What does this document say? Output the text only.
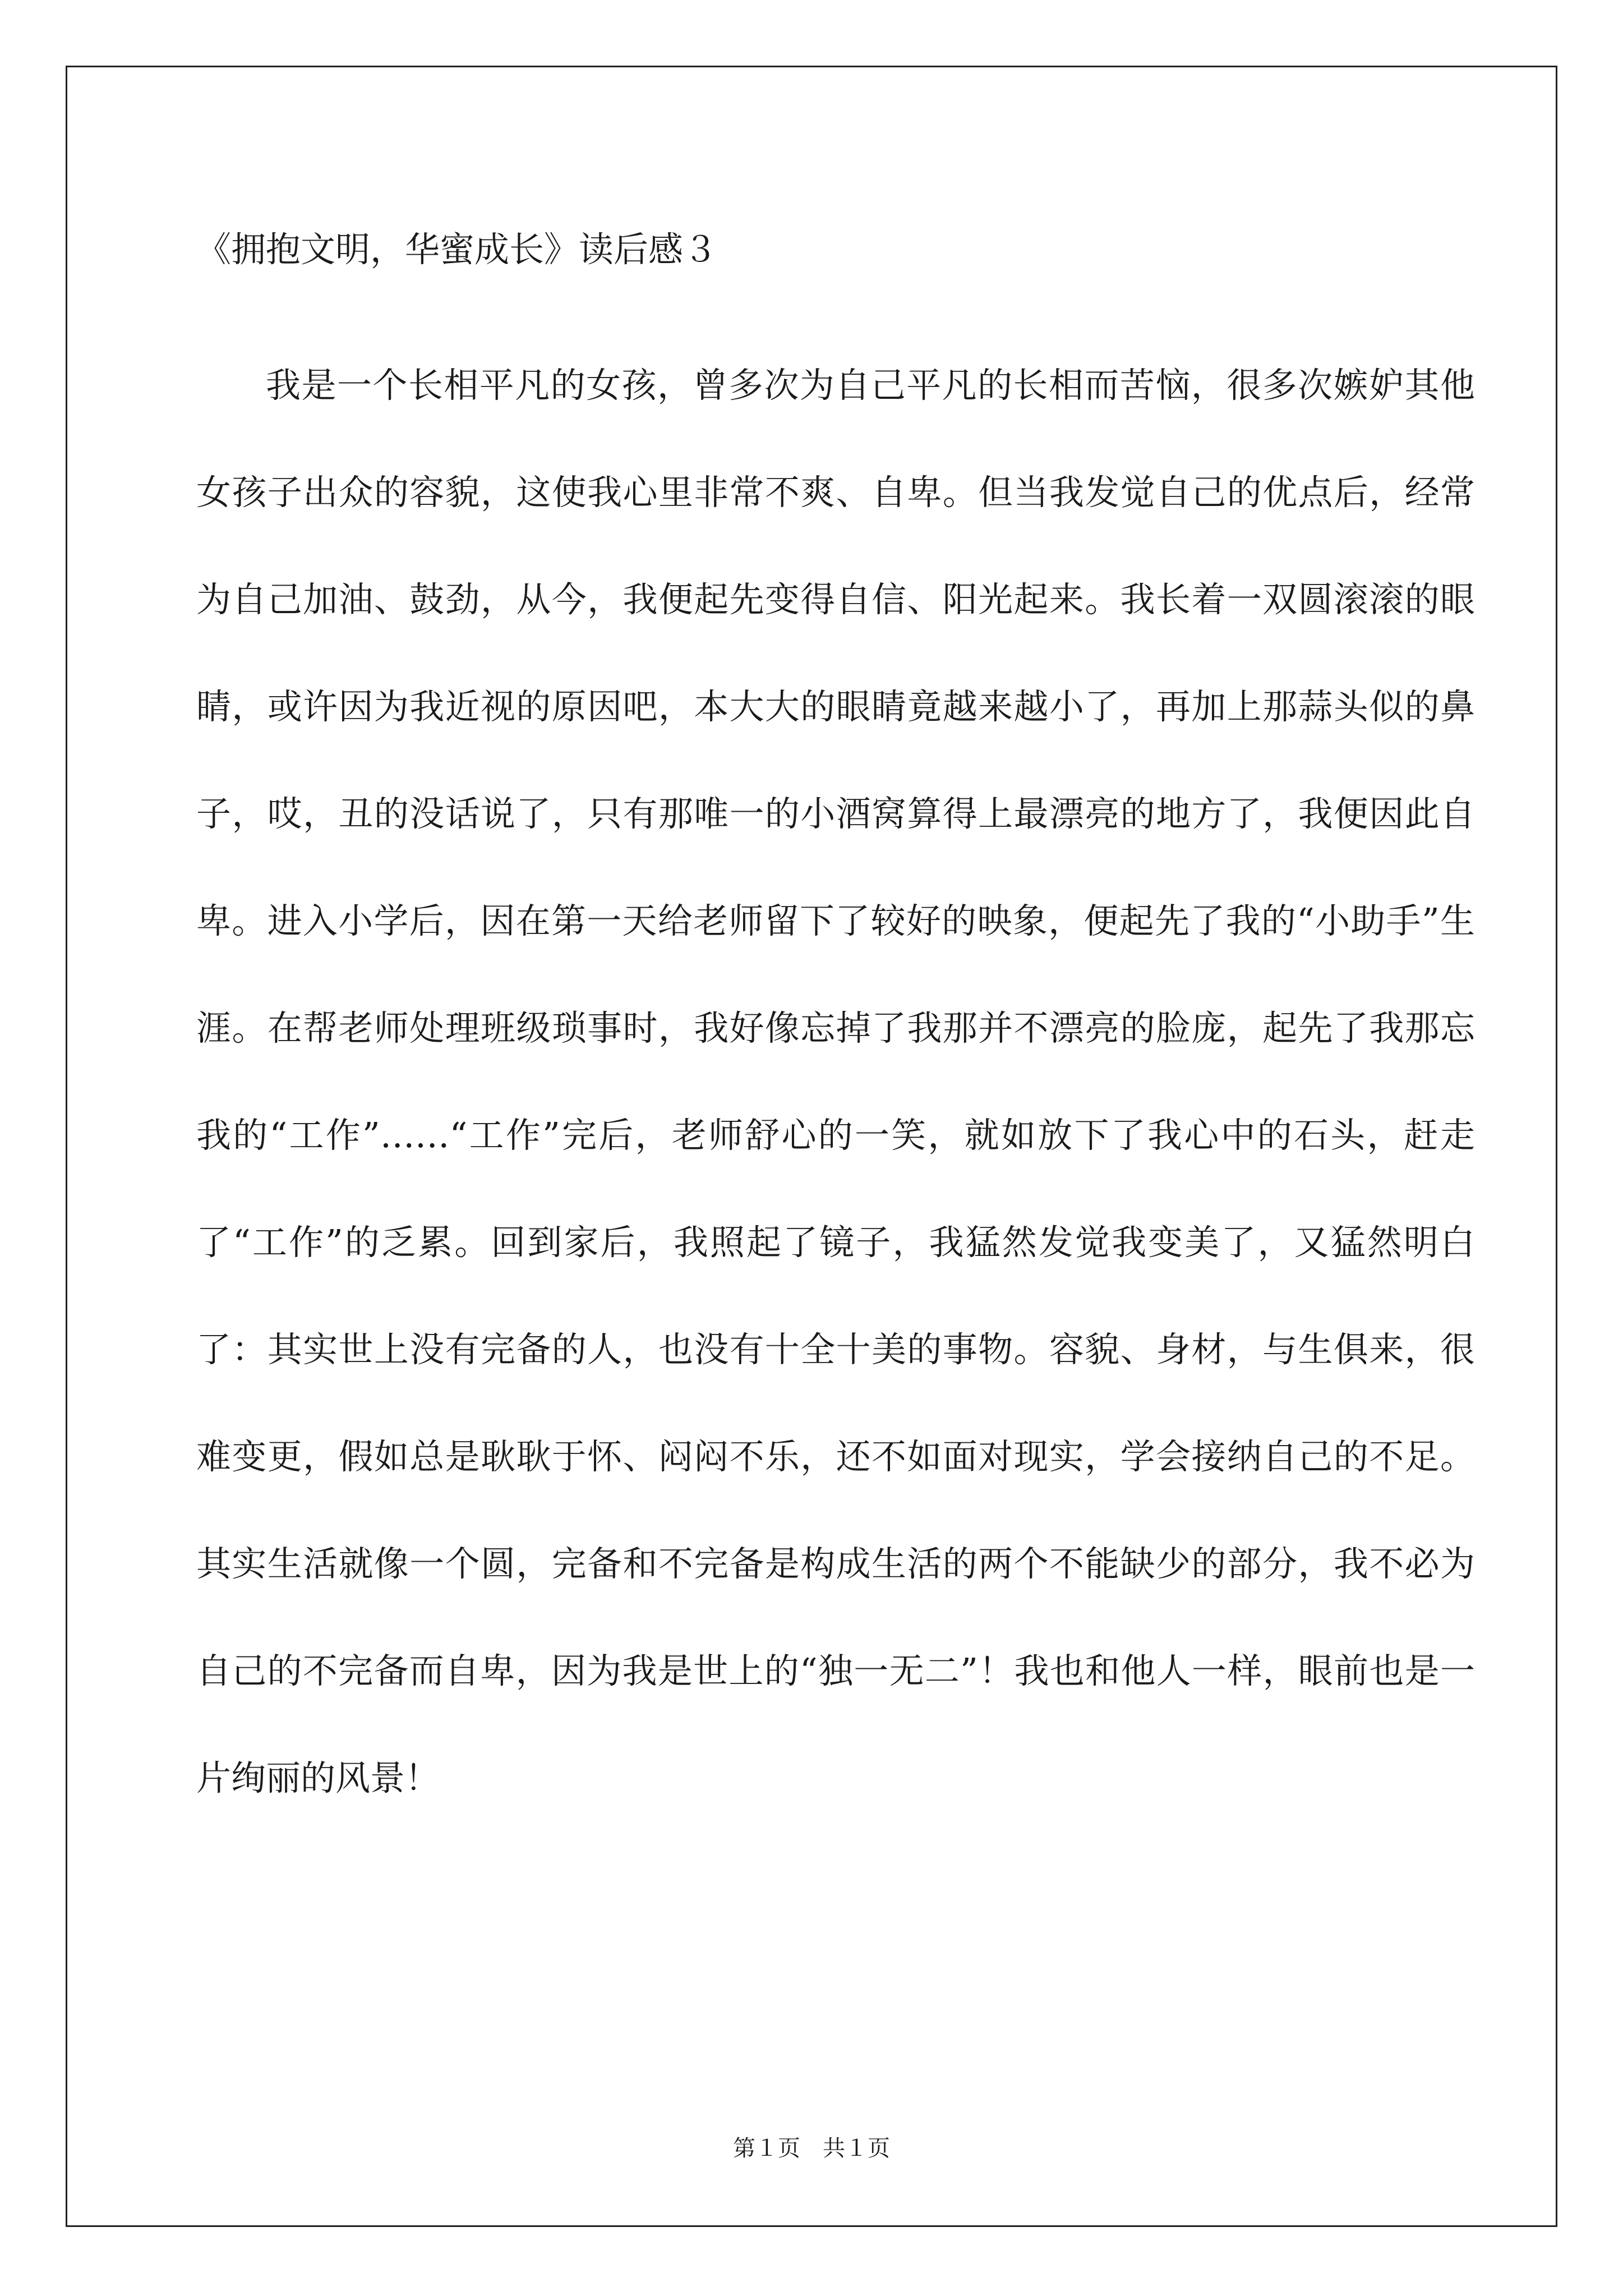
《拥抱文明，华蜜成长》读后感３

我是一个长相平凡的女孩，曾多次为自己平凡的长相而苦恼，很多次嫉妒其他女孩子出众的容貌，这使我心里非常不爽、自卑。但当我发觉自己的优点后，经常为自己加油、鼓劲，从今，我便起先变得自信、阳光起来。我长着一双圆滚滚的眼睛，或许因为我近视的原因吧，本大大的眼睛竟越来越小了，再加上那蒜头似的鼻子，哎，丑的没话说了，只有那唯一的小酒窝算得上最漂亮的地方了，我便因此自卑。进入小学后，因在第一天给老师留下了较好的映象，便起先了我的“小助手”生涯。在帮老师处理班级琐事时，我好像忘掉了我那并不漂亮的脸庞，起先了我那忘我的“工作”……“工作”完后，老师舒心的一笑，就如放下了我心中的石头，赶走了“工作”的乏累。回到家后，我照起了镜子，我猛然发觉我变美了，又猛然明白了：其实世上没有完备的人，也没有十全十美的事物。容貌、身材，与生俱来，很难变更，假如总是耿耿于怀、闷闷不乐，还不如面对现实，学会接纳自己的不足。其实生活就像一个圆，完备和不完备是构成生活的两个不能缺少的部分，我不必为自己的不完备而自卑，因为我是世上的“独一无二”！我也和他人一样，眼前也是一片绚丽的风景！

第１页　共１页
